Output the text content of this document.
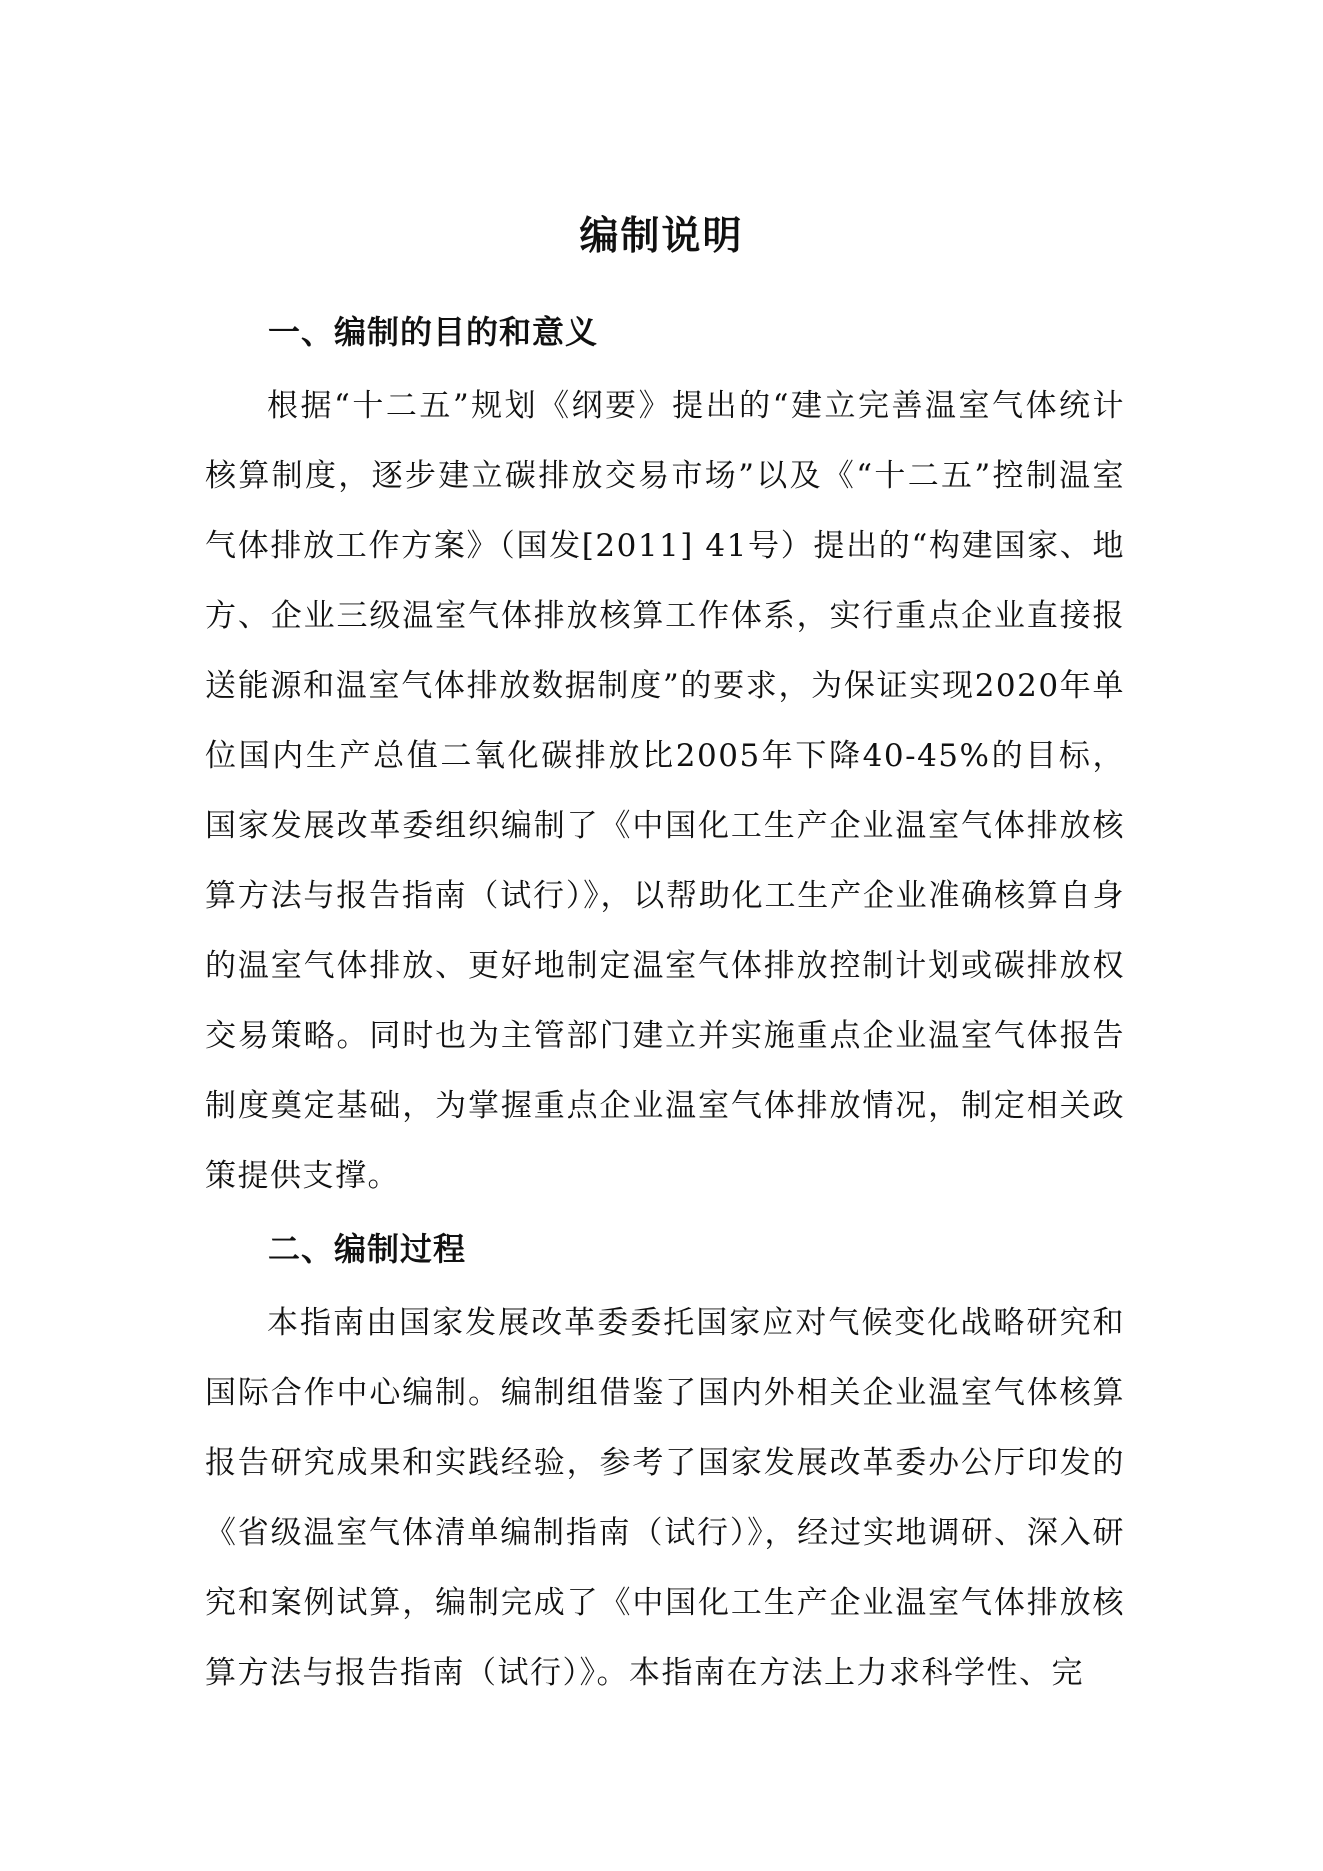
编制说明
一、编制的目的和意义

根据“十二五”规划《纲要》提出的“建立完善温室气体统计核算制度，逐步建立碳排放交易市场”以及《“十二五”控制温室气体排放工作方案》（国发[2011] 41号）提出的“构建国家、地方、企业三级温室气体排放核算工作体系，实行重点企业直接报送能源和温室气体排放数据制度”的要求，为保证实现2020年单位国内生产总值二氧化碳排放比2005年下降40-45%的目标，国家发展改革委组织编制了《中国化工生产企业温室气体排放核算方法与报告指南（试行）》，以帮助化工生产企业准确核算自身的温室气体排放、更好地制定温室气体排放控制计划或碳排放权交易策略。同时也为主管部门建立并实施重点企业温室气体报告制度奠定基础，为掌握重点企业温室气体排放情况，制定相关政策提供支撑。

二、编制过程

本指南由国家发展改革委委托国家应对气候变化战略研究和国际合作中心编制。编制组借鉴了国内外相关企业温室气体核算报告研究成果和实践经验，参考了国家发展改革委办公厅印发的《省级温室气体清单编制指南（试行）》，经过实地调研、深入研究和案例试算，编制完成了《中国化工生产企业温室气体排放核算方法与报告指南（试行）》。本指南在方法上力求科学性、完
